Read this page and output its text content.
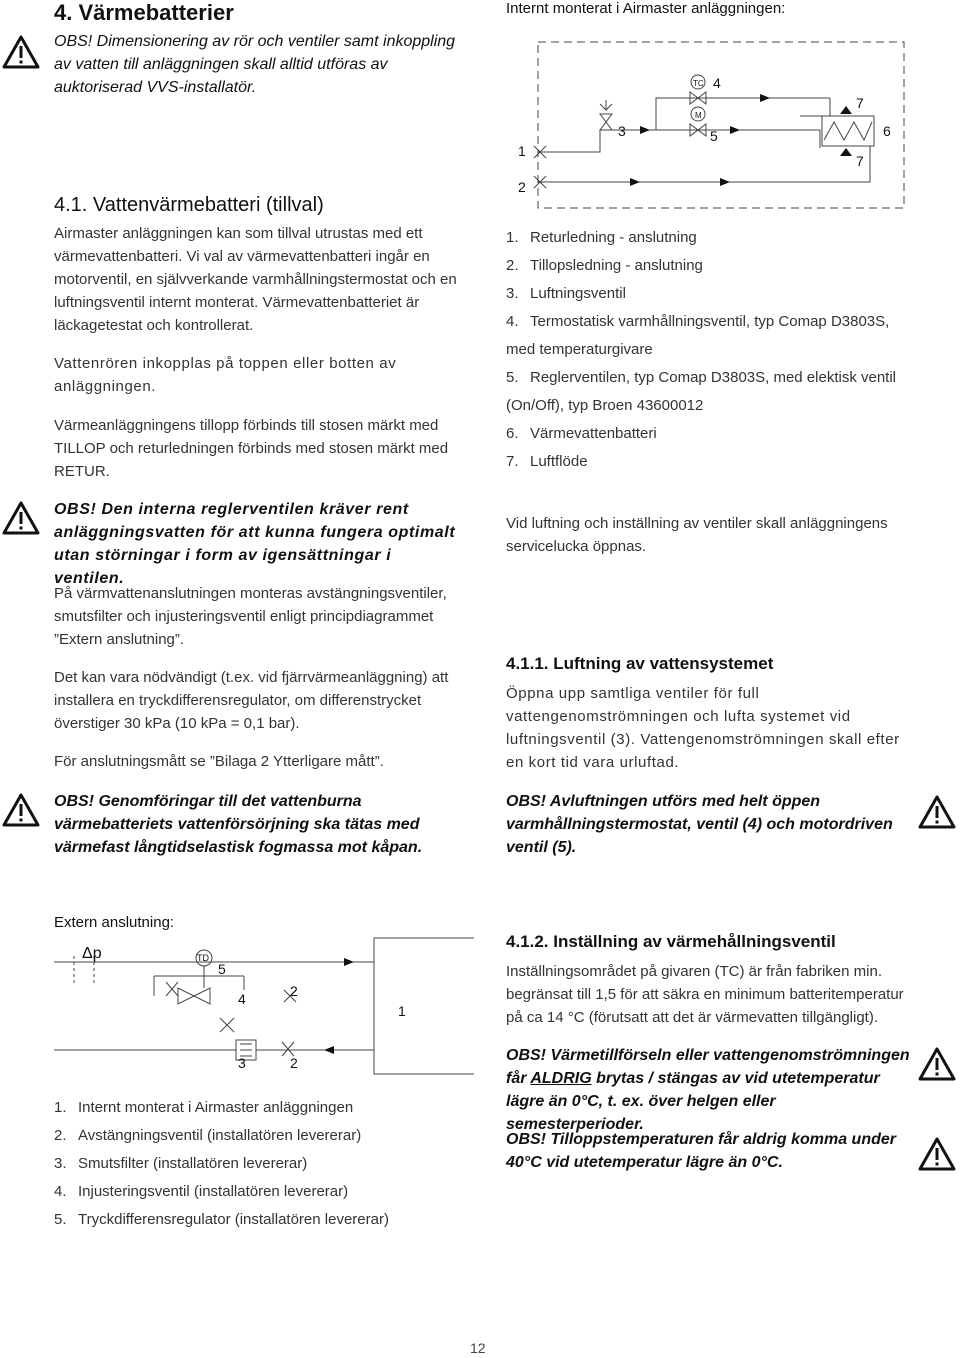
4. Värmebatterier

OBS! Dimensionering av rör och ventiler samt inkoppling av vatten till anläggningen skall alltid utföras av auktoriserad VVS-installatör.

4.1. Vattenvärmebatteri (tillval)

Airmaster anläggningen kan som tillval utrustas med ett värmevattenbatteri. Vi val av värmevattenbatteri ingår en motorventil, en självverkande varmhållningstermostat och en luftningsventil internt monterat. Värmevattenbatteriet är läckagetestat och kontrollerat.

Vattenrören inkopplas på toppen eller botten av anläggningen.

Värmeanläggningens tillopp förbinds till stosen märkt med TILLOP och returledningen förbinds med stosen märkt med RETUR.

OBS! Den interna reglerventilen kräver rent anläggningsvatten för att kunna fungera optimalt utan störningar i form av igensättningar i ventilen.

På värmvattenanslutningen monteras avstängningsventiler, smutsfilter och injusteringsventil enligt principdiagrammet ”Extern anslutning”.

Det kan vara nödvändigt (t.ex. vid fjärrvärmeanläggning) att installera en tryckdifferensregulator, om differenstrycket överstiger 30 kPa (10 kPa = 0,1 bar).

För anslutningsmått se ”Bilaga 2 Ytterligare mått”.

OBS! Genomföringar till det vattenburna värmebatteriets vattenförsörjning ska tätas med värmefast långtidselastisk fogmassa mot kåpan.

Internt monterat i Airmaster anläggningen:

1
2
3
4
5	6
7
7
TC
M
1. Returledning - anslutning
2. Tillopsledning - anslutning
3. Luftningsventil
4. Termostatisk varmhållningsventil, typ Comap D3803S, med temperaturgivare
5. Reglerventilen, typ Comap D3803S, med elektisk ventil (On/Off), typ Broen 43600012
6. Värmevattenbatteri
7. Luftflöde

Vid luftning och inställning av ventiler skall anläggningens servicelucka öppnas.

4.1.1. Luftning av vattensystemet

Öppna upp samtliga ventiler för full vattengenomströmningen och lufta systemet vid luftningsventil (3). Vattengenomströmningen skall efter en kort tid vara urluftad.

OBS! Avluftningen utförs med helt öppen varmhållningstermostat, ventil (4) och motordriven ventil (5).

Extern anslutning:

Δp	TD
5
4	2
3	2
1
1. Internt monterat i Airmaster anläggningen
2. Avstängningsventil (installatören levererar)
3. Smutsfilter (installatören levererar)
4. Injusteringsventil (installatören levererar)
5. Tryckdifferensregulator (installatören levererar)
4.1.2. Inställning av värmehållningsventil

Inställningsområdet på givaren (TC) är från fabriken min. begränsat till 1,5 för att säkra en minimum batteritemperatur på ca 14 °C (förutsatt att det är värmevatten tillgängligt).

OBS! Värmetillförseln eller vattengenomströmningen får ALDRIG brytas / stängas av vid utetemperatur lägre än 0°C, t. ex. över helgen eller semesterperioder.

OBS! Tilloppstemperaturen får aldrig komma under 40°C vid utetemperatur lägre än 0°C.

12
